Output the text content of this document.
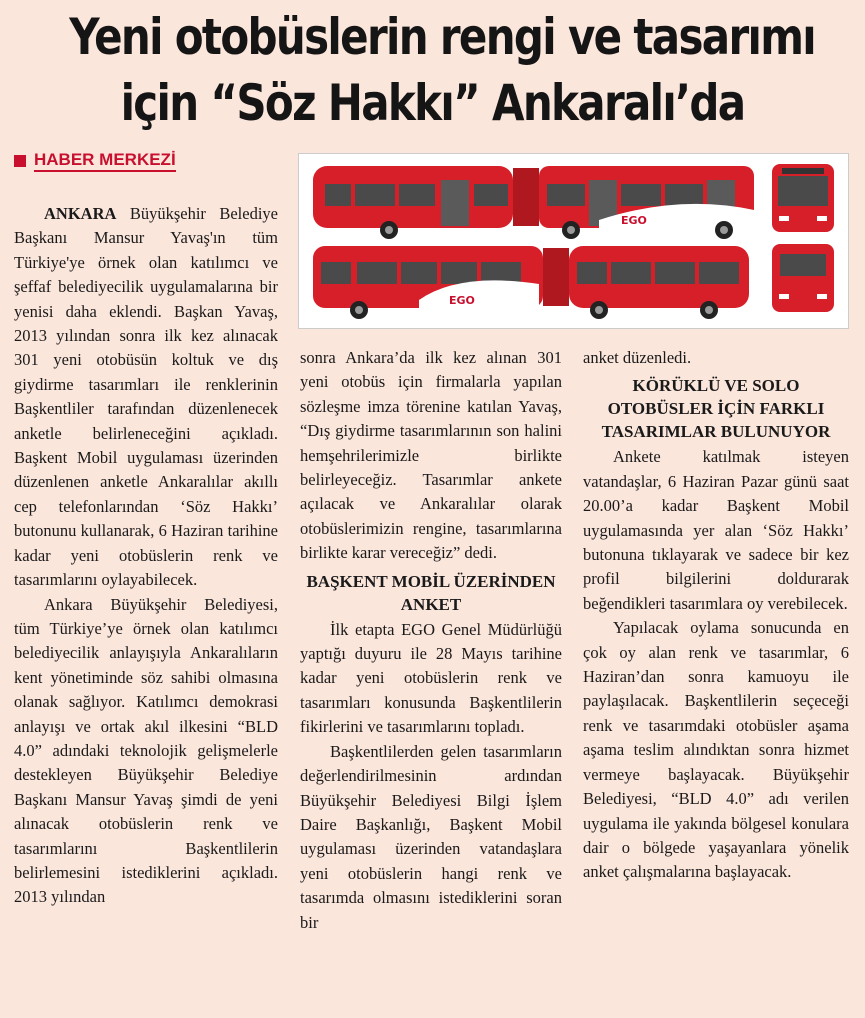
Yeni otobüslerin rengi ve tasarımı
için “Söz Hakkı” Ankaralı’da
HABER MERKEZİ
EGO
EGO

ANKARA Büyükşehir Belediye Başkanı Mansur Yavaş'ın tüm Türkiye'ye örnek olan katılımcı ve şeffaf belediyecilik uygulamalarına bir yenisi daha eklendi. Başkan Yavaş, 2013 yılından sonra ilk kez alınacak 301 yeni otobüsün koltuk ve dış giydirme tasarımları ile renklerinin Başkentliler tarafından düzenlenecek anketle belirleneceğini açıkladı. Başkent Mobil uygulaması üzerinden düzenlenen anketle Ankaralılar akıllı cep telefonlarından ‘Söz Hakkı’ butonunu kullanarak, 6 Haziran tarihine kadar yeni otobüslerin renk ve tasarımlarını oylayabilecek.

Ankara Büyükşehir Belediyesi, tüm Türkiye’ye örnek olan katılımcı belediyecilik anlayışıyla Ankaralıların kent yönetiminde söz sahibi olmasına olanak sağlıyor. Katılımcı demokrasi anlayışı ve ortak akıl ilkesini “BLD 4.0” adındaki teknolojik gelişmelerle destekleyen Büyükşehir Belediye Başkanı Mansur Yavaş şimdi de yeni alınacak otobüslerin renk ve tasarımlarını Başkentlilerin belirlemesini istediklerini açıkladı. 2013 yılından

sonra Ankara’da ilk kez alınan 301 yeni otobüs için firmalarla yapılan sözleşme imza törenine katılan Yavaş, “Dış giydirme tasarımlarının son halini hemşehrilerimizle birlikte belirleyeceğiz. Tasarımlar ankete açılacak ve Ankaralılar olarak otobüslerimizin rengine, tasarımlarına birlikte karar vereceğiz” dedi.

BAŞKENT MOBİL ÜZERİNDEN ANKET

İlk etapta EGO Genel Müdürlüğü yaptığı duyuru ile 28 Mayıs tarihine kadar yeni otobüslerin renk ve tasarımları konusunda Başkentlilerin fikirlerini ve tasarımlarını topladı.

Başkentlilerden gelen tasarımların değerlendirilmesinin ardından Büyükşehir Belediyesi Bilgi İşlem Daire Başkanlığı, Başkent Mobil uygulaması üzerinden vatandaşlara yeni otobüslerin hangi renk ve tasarımda olmasını istediklerini soran bir

anket düzenledi.

KÖRÜKLÜ VE SOLO OTOBÜSLER İÇİN FARKLI TASARIMLAR BULUNUYOR

Ankete katılmak isteyen vatandaşlar, 6 Haziran Pazar günü saat 20.00’a kadar Başkent Mobil uygulamasında yer alan ‘Söz Hakkı’ butonuna tıklayarak ve sadece bir kez profil bilgilerini doldurarak beğendikleri tasarımlara oy verebilecek.

Yapılacak oylama sonucunda en çok oy alan renk ve tasarımlar, 6 Haziran’dan sonra kamuoyu ile paylaşılacak. Başkentlilerin seçeceği renk ve tasarımdaki otobüsler aşama aşama teslim alındıktan sonra hizmet vermeye başlayacak. Büyükşehir Belediyesi, “BLD 4.0” adı verilen uygulama ile yakında bölgesel konulara dair o bölgede yaşayanlara yönelik anket çalışmalarına başlayacak.
